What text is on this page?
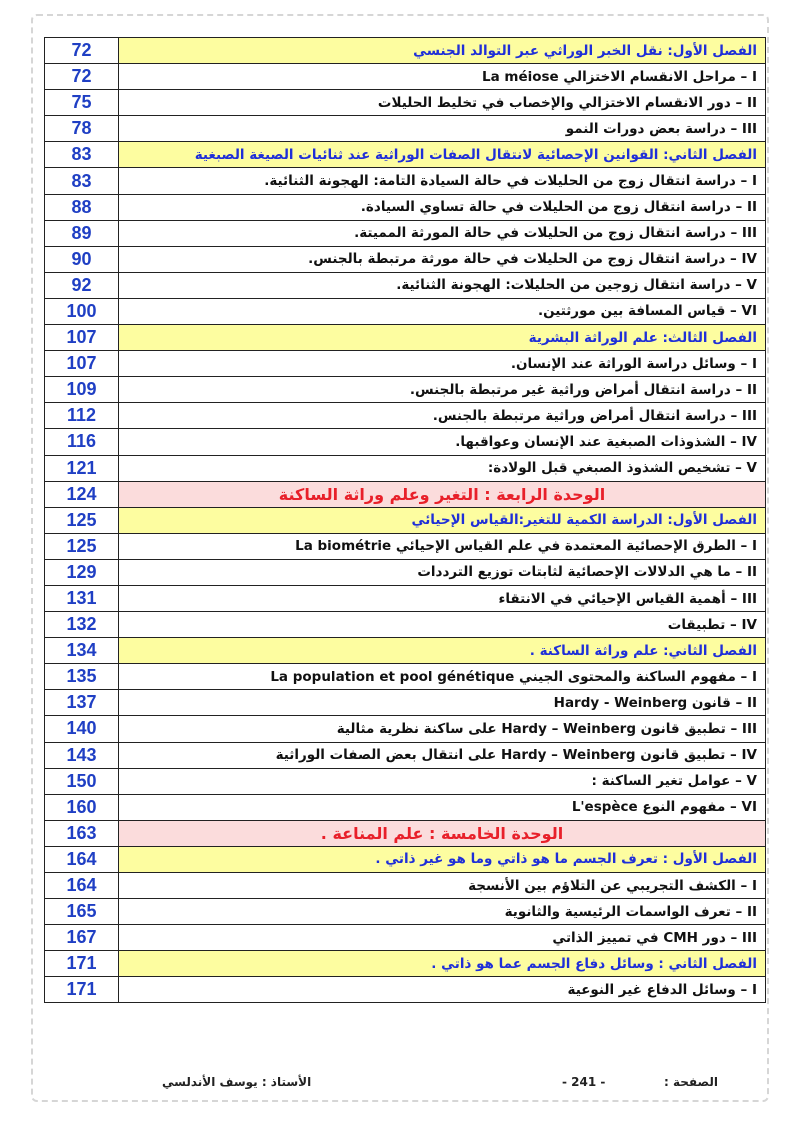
72	الفصل الأول: نقل الخبر الوراثي عبر التوالد الجنسي
72	I – مراحل الانقسام الاختزالي La méiose
75	II – دور الانقسام الاختزالي والإخصاب في تخليط الحليلات
78	III – دراسة بعض دورات النمو
83	الفصل الثاني: القوانين الإحصائية لانتقال الصفات الوراثية عند ثنائيات الصيغة الصبغية
83	I – دراسة انتقال زوج من الحليلات في حالة السيادة التامة: الهجونة الثنائية.
88	II – دراسة انتقال زوج من الحليلات في حالة تساوي السيادة.
89	III – دراسة انتقال زوج من الحليلات في حالة المورثة المميتة.
90	IV – دراسة انتقال زوج من الحليلات في حالة مورثة مرتبطة بالجنس.
92	V – دراسة انتقال زوجين من الحليلات: الهجونة الثنائية.
100	VI – قياس المسافة بين مورثتين.
107	الفصل الثالث: علم الوراثة البشرية
107	I – وسائل دراسة الوراثة عند الإنسان.
109	II – دراسة انتقال أمراض وراثية غير مرتبطة بالجنس.
112	III – دراسة انتقال أمراض وراثية مرتبطة بالجنس.
116	IV – الشذوذات الصبغية عند الإنسان وعواقبها.
121	V – تشخيص الشذوذ الصبغي قبل الولادة:
124	الوحدة الرابعة : التغير وعلم وراثة الساكنة
125	الفصل الأول: الدراسة الكمية للتغير:القياس الإحيائي
125	I – الطرق الإحصائية المعتمدة في علم القياس الإحيائي La biométrie
129	II – ما هي الدلالات الإحصائية لثابتات توزيع الترددات
131	III – أهمية القياس الإحيائي في الانتقاء
132	IV – تطبيقات
134	الفصل الثاني: علم وراثة الساكنة .
135	I – مفهوم الساكنة والمحتوى الجيني La population et pool génétique
137	II – قانون Hardy - Weinberg
140	III – تطبيق قانون Hardy – Weinberg على ساكنة نظرية مثالية
143	IV – تطبيق قانون Hardy – Weinberg على انتقال بعض الصفات الوراثية
150	V – عوامل تغير الساكنة :
160	VI – مفهوم النوع L'espèce
163	الوحدة الخامسة : علم المناعة .
164	الفصل الأول : تعرف الجسم ما هو ذاتي وما هو غير ذاتي .
164	I – الكشف التجريبي عن التلاؤم بين الأنسجة
165	II – تعرف الواسمات الرئيسية والثانوية
167	III – دور CMH في تمييز الذاتي
171	الفصل الثاني : وسائل دفاع الجسم عما هو ذاتي .
171	I – وسائل الدفاع غير النوعية
الأستاذ : يوسف الأندلسي	- 241 -	الصفحة :
